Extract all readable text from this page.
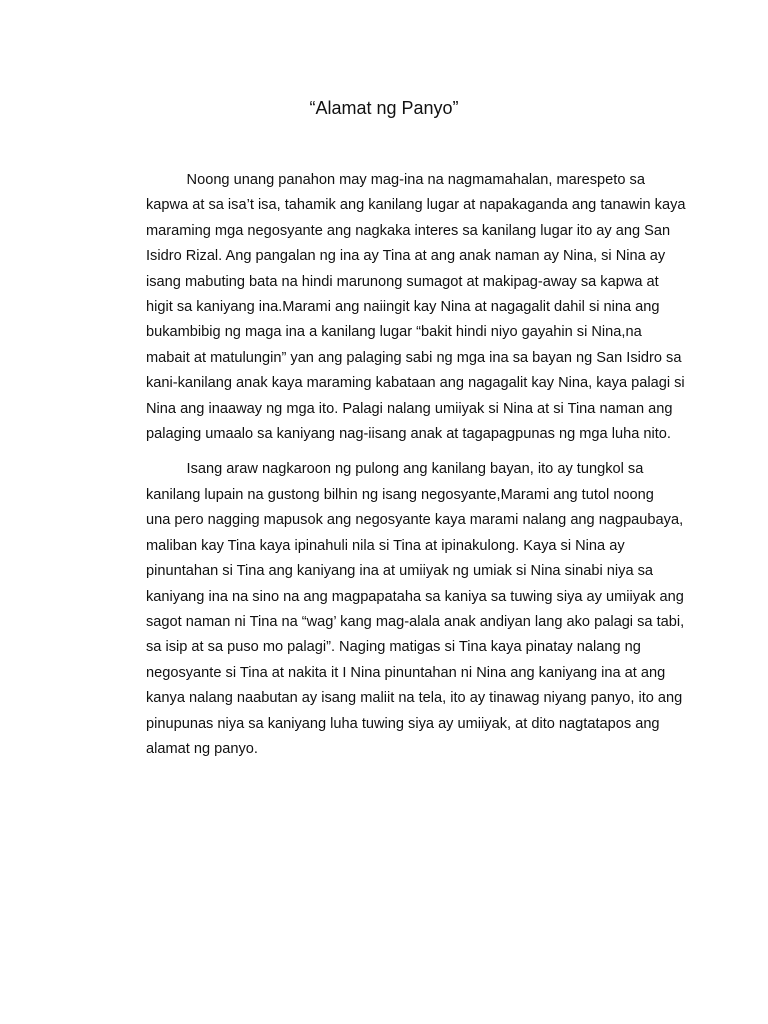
“Alamat ng Panyo”

Noong unang panahon may mag-ina na nagmamahalan, marespeto sa
kapwa at sa isa’t isa, tahamik ang kanilang lugar at napakaganda ang tanawin kaya
maraming mga negosyante ang nagkaka interes sa kanilang lugar ito ay ang San
Isidro Rizal. Ang pangalan ng ina ay Tina at ang anak naman ay Nina, si Nina ay
isang mabuting bata na hindi marunong sumagot at makipag-away sa kapwa at
higit sa kaniyang ina.Marami ang naiingit kay Nina at nagagalit dahil si nina ang
bukambibig ng maga ina a kanilang lugar “bakit hindi niyo gayahin si Nina,na
mabait at matulungin” yan ang palaging sabi ng mga ina sa bayan ng San Isidro sa
kani-kanilang anak kaya maraming kabataan ang nagagalit kay Nina, kaya palagi si
Nina ang inaaway ng mga ito. Palagi nalang umiiyak si Nina at si Tina naman ang
palaging umaalo sa kaniyang nag-iisang anak at tagapagpunas ng mga luha nito.

Isang araw nagkaroon ng pulong ang kanilang bayan, ito ay tungkol sa
kanilang lupain na gustong bilhin ng isang negosyante,Marami ang tutol noong
una pero nagging mapusok ang negosyante kaya marami nalang ang nagpaubaya,
maliban kay Tina kaya ipinahuli nila si Tina at ipinakulong. Kaya si Nina ay
pinuntahan si Tina ang kaniyang ina at umiiyak ng umiak si Nina sinabi niya sa
kaniyang ina na sino na ang magpapataha sa kaniya sa tuwing siya ay umiiyak ang
sagot naman ni Tina na “wag’ kang mag-alala anak andiyan lang ako palagi sa tabi,
sa isip at sa puso mo palagi”. Naging matigas si Tina kaya pinatay nalang ng
negosyante si Tina at nakita it I Nina pinuntahan ni Nina ang kaniyang ina at ang
kanya nalang naabutan ay isang maliit na tela, ito ay tinawag niyang panyo, ito ang
pinupunas niya sa kaniyang luha tuwing siya ay umiiyak, at dito nagtatapos ang
alamat ng panyo.
